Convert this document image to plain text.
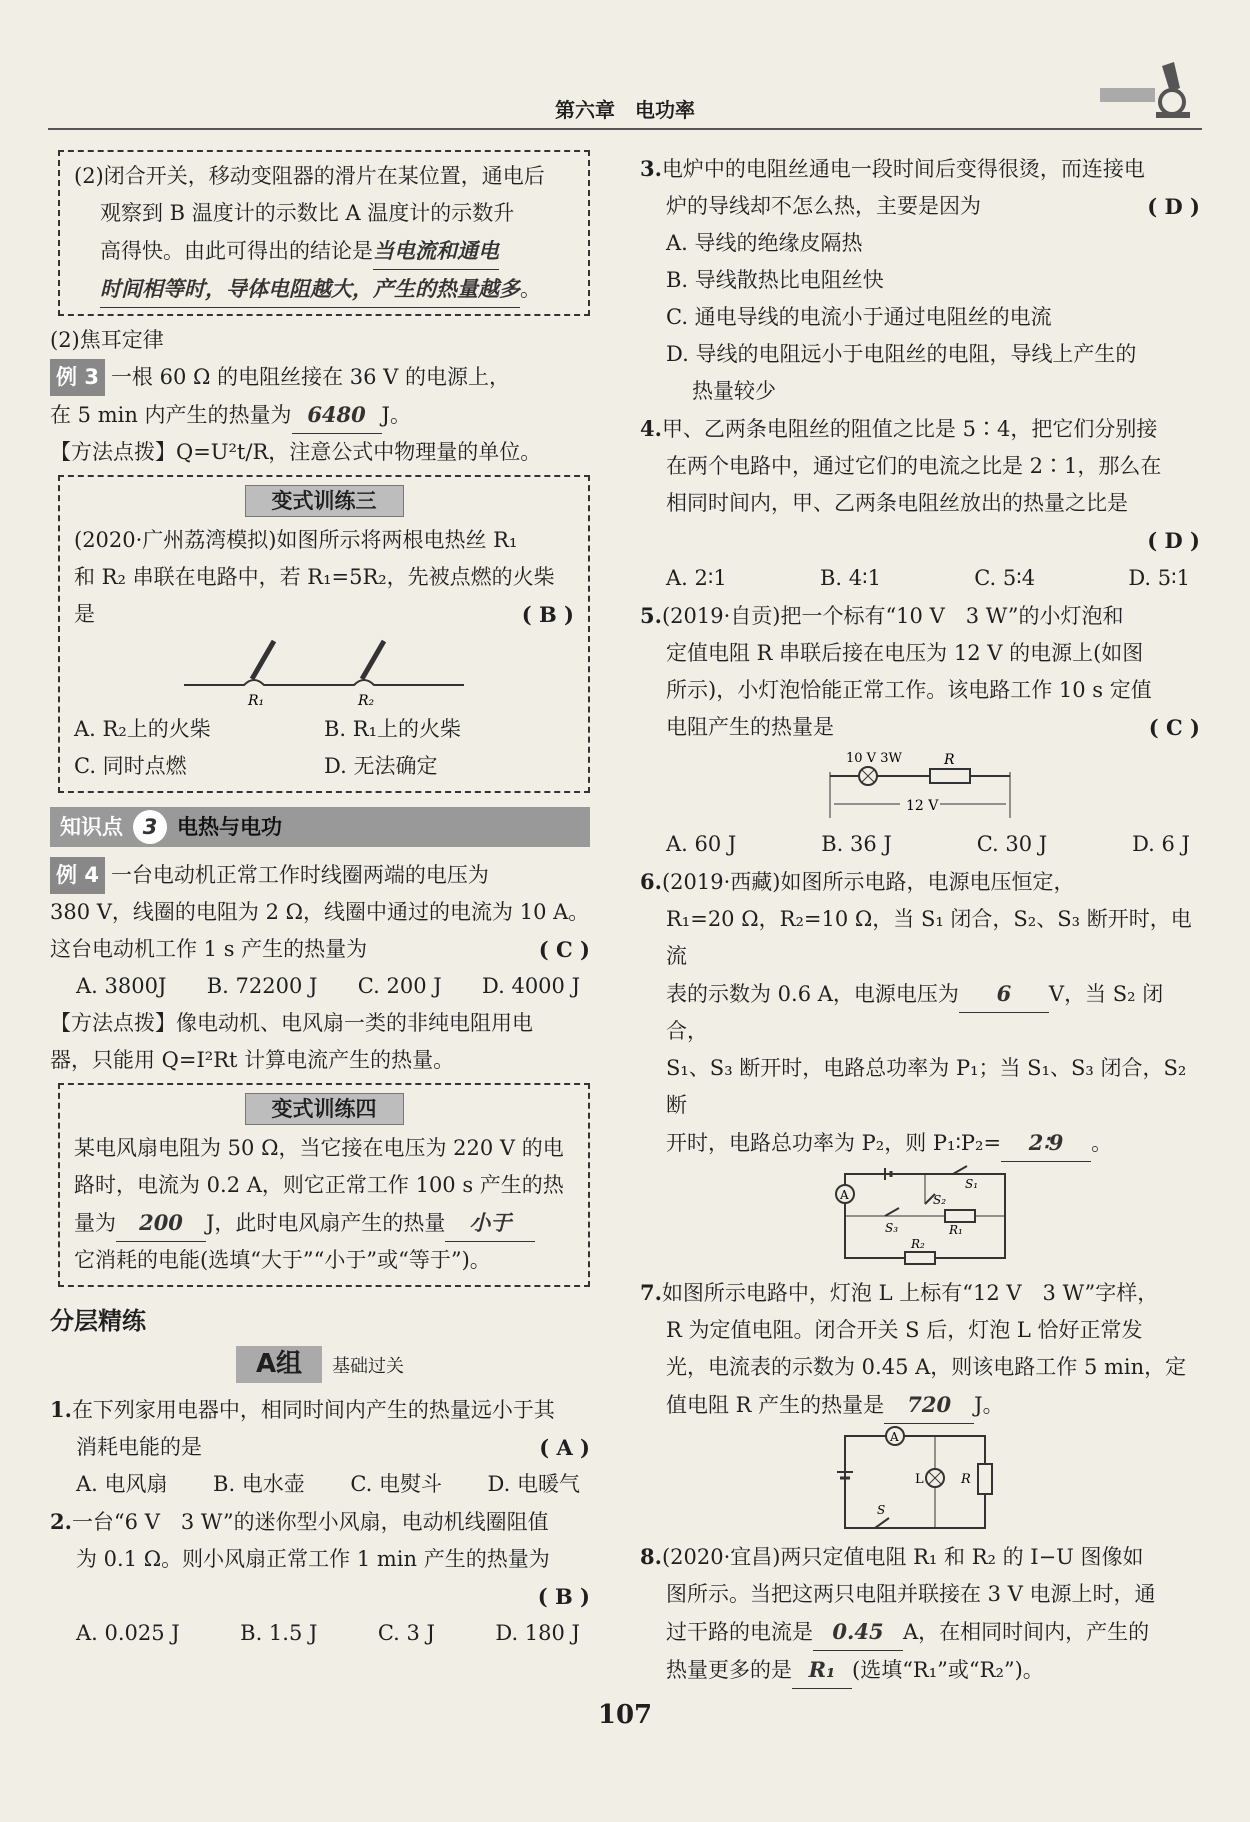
第六章　电功率

(2)闭合开关，移动变阻器的滑片在某位置，通电后

观察到 B 温度计的示数比 A 温度计的示数升

高得快。由此可得出的结论是当电流和通电

时间相等时，导体电阻越大，产生的热量越多。

(2)焦耳定律

例 3 一根 60 Ω 的电阻丝接在 36 V 的电源上，

在 5 min 内产生的热量为 6480 J。

【方法点拨】Q=U²t/R，注意公式中物理量的单位。

变式训练三

(2020·广州荔湾模拟)如图所示将两根电热丝 R₁

和 R₂ 串联在电路中，若 R₁=5R₂，先被点燃的火柴

是	( B )

R₁	R₂
A. R₂上的火柴	B. R₁上的火柴
C. 同时点燃	D. 无法确定
知识点 3 电热与电功

例 4 一台电动机正常工作时线圈两端的电压为

380 V，线圈的电阻为 2 Ω，线圈中通过的电流为 10 A。

这台电动机工作 1 s 产生的热量为	( C )

A. 3800J B. 72200 J C. 200 J D. 4000 J

【方法点拨】像电动机、电风扇一类的非纯电阻用电

器，只能用 Q=I²Rt 计算电流产生的热量。

变式训练四

某电风扇电阻为 50 Ω，当它接在电压为 220 V 的电

路时，电流为 0.2 A，则它正常工作 100 s 产生的热

量为 200 J，此时电风扇产生的热量 小于

它消耗的电能(选填“大于”“小于”或“等于”)。

分层精练
A组 基础过关

1.在下列家用电器中，相同时间内产生的热量远小于其

消耗电能的是	( A )

A. 电风扇 B. 电水壶 C. 电熨斗 D. 电暖气

2.一台“6 V　3 W”的迷你型小风扇，电动机线圈阻值

为 0.1 Ω。则小风扇正常工作 1 min 产生的热量为

( B )

A. 0.025 J	B. 1.5 J	C. 3 J	D. 180 J

3.电炉中的电阻丝通电一段时间后变得很烫，而连接电

炉的导线却不怎么热，主要是因为	( D )

A. 导线的绝缘皮隔热

B. 导线散热比电阻丝快

C. 通电导线的电流小于通过电阻丝的电流

D. 导线的电阻远小于电阻丝的电阻，导线上产生的

热量较少

4.甲、乙两条电阻丝的阻值之比是 5∶4，把它们分别接

在两个电路中，通过它们的电流之比是 2∶1，那么在

相同时间内，甲、乙两条电阻丝放出的热量之比是

( D )

A. 2∶1	B. 4∶1	C. 5∶4	D. 5∶1

5.(2019·自贡)把一个标有“10 V　3 W”的小灯泡和

定值电阻 R 串联后接在电压为 12 V 的电源上(如图

所示)，小灯泡恰能正常工作。该电路工作 10 s 定值

电阻产生的热量是	( C )

10 V 3W	R
12 V
A. 60 J	B. 36 J	C. 30 J	D. 6 J

6.(2019·西藏)如图所示电路，电源电压恒定，

R₁=20 Ω，R₂=10 Ω，当 S₁ 闭合，S₂、S₃ 断开时，电流

表的示数为 0.6 A，电源电压为 6 V，当 S₂ 闭合，

S₁、S₃ 断开时，电路总功率为 P₁；当 S₁、S₃ 闭合，S₂ 断

开时，电路总功率为 P₂，则 P₁∶P₂= 2∶9 。

A
S₁
S₂
S₃	R₁
R₂

7.如图所示电路中，灯泡 L 上标有“12 V　3 W”字样，

R 为定值电阻。闭合开关 S 后，灯泡 L 恰好正常发

光，电流表的示数为 0.45 A，则该电路工作 5 min，定

值电阻 R 产生的热量是 720 J。

A
L	R
S

8.(2020·宜昌)两只定值电阻 R₁ 和 R₂ 的 I−U 图像如

图所示。当把这两只电阻并联接在 3 V 电源上时，通

过干路的电流是 0.45 A，在相同时间内，产生的

热量更多的是 R₁ (选填“R₁”或“R₂”)。

107
